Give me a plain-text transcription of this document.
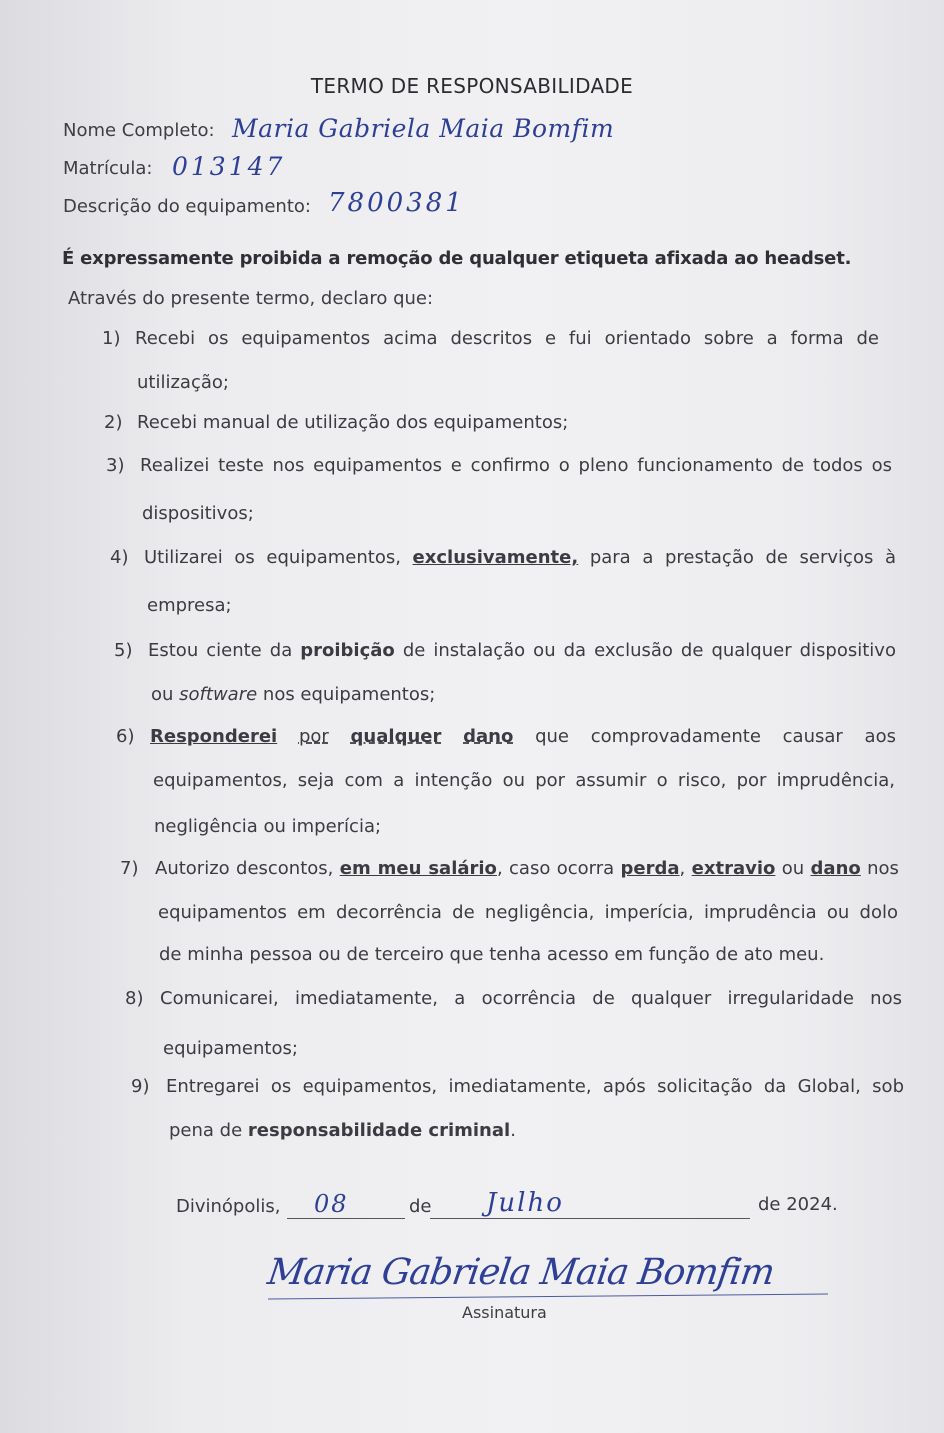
TERMO DE RESPONSABILIDADE
Nome Completo: Maria Gabriela Maia Bomfim
Matrícula: 013147
Descrição do equipamento: 7800381
É expressamente proibida a remoção de qualquer etiqueta afixada ao headset.
Através do presente termo, declaro que:
1) Recebi os equipamentos acima descritos e fui orientado sobre a forma de
utilização;
2) Recebi manual de utilização dos equipamentos;
3) Realizei teste nos equipamentos e confirmo o pleno funcionamento de todos os
dispositivos;
4) Utilizarei os equipamentos, exclusivamente, para a prestação de serviços à
empresa;
5) Estou ciente da proibição de instalação ou da exclusão de qualquer dispositivo
ou software nos equipamentos;
6) Responderei por qualquer dano que comprovadamente causar aos
equipamentos, seja com a intenção ou por assumir o risco, por imprudência,
negligência ou imperícia;
7) Autorizo descontos, em meu salário, caso ocorra perda, extravio ou dano nos
equipamentos em decorrência de negligência, imperícia, imprudência ou dolo
de minha pessoa ou de terceiro que tenha acesso em função de ato meu.
8) Comunicarei, imediatamente, a ocorrência de qualquer irregularidade nos
equipamentos;
9) Entregarei os equipamentos, imediatamente, após solicitação da Global, sob
pena de responsabilidade criminal.
Divinópolis, 08	de Julho	de 2024.
Maria Gabriela Maia Bomfim
Assinatura
